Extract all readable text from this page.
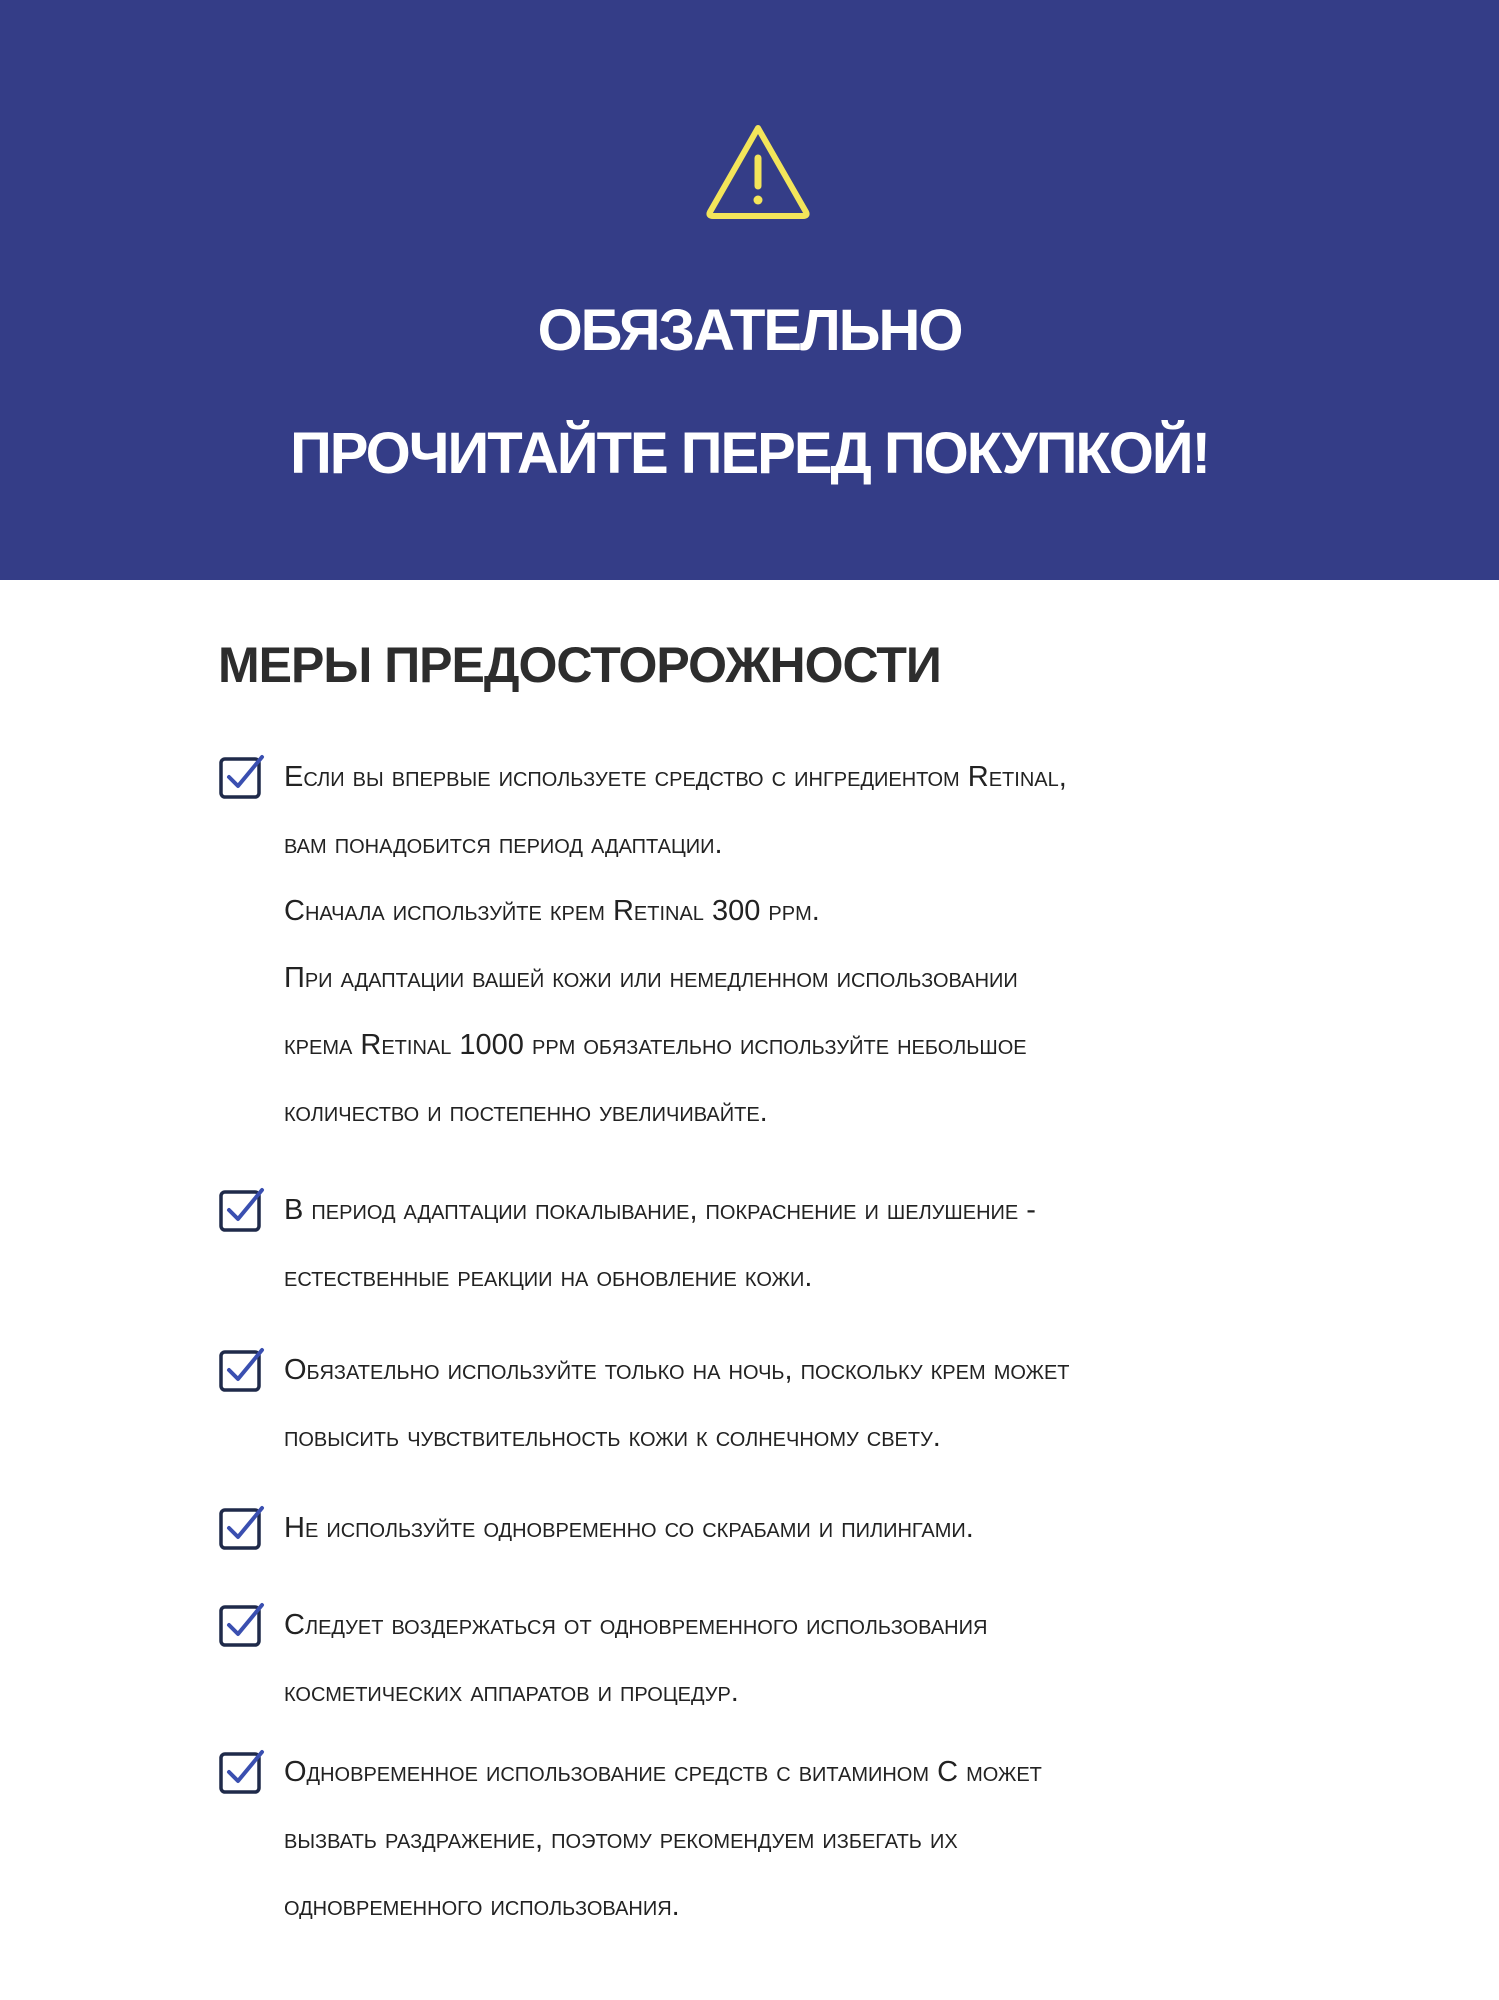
ОБЯЗАТЕЛЬНО
ПРОЧИТАЙТЕ ПЕРЕД ПОКУПКОЙ!
МЕРЫ ПРЕДОСТОРОЖНОСТИ
Если вы впервые используете средство с ингредиентом Retinal,
вам понадобится период адаптации.
Сначала используйте крем Retinal 300 ppm.
При адаптации вашей кожи или немедленном использовании
крема Retinal 1000 ppm обязательно используйте небольшое
количество и постепенно увеличивайте.
В период адаптации покалывание, покраснение и шелушение -
естественные реакции на обновление кожи.
Обязательно используйте только на ночь, поскольку крем может
повысить чувствительность кожи к солнечному свету.
Не используйте одновременно со скрабами и пилингами.
Следует воздержаться от одновременного использования
косметических аппаратов и процедур.
Одновременное использование средств с витамином С может
вызвать раздражение, поэтому рекомендуем избегать их
одновременного использования.
